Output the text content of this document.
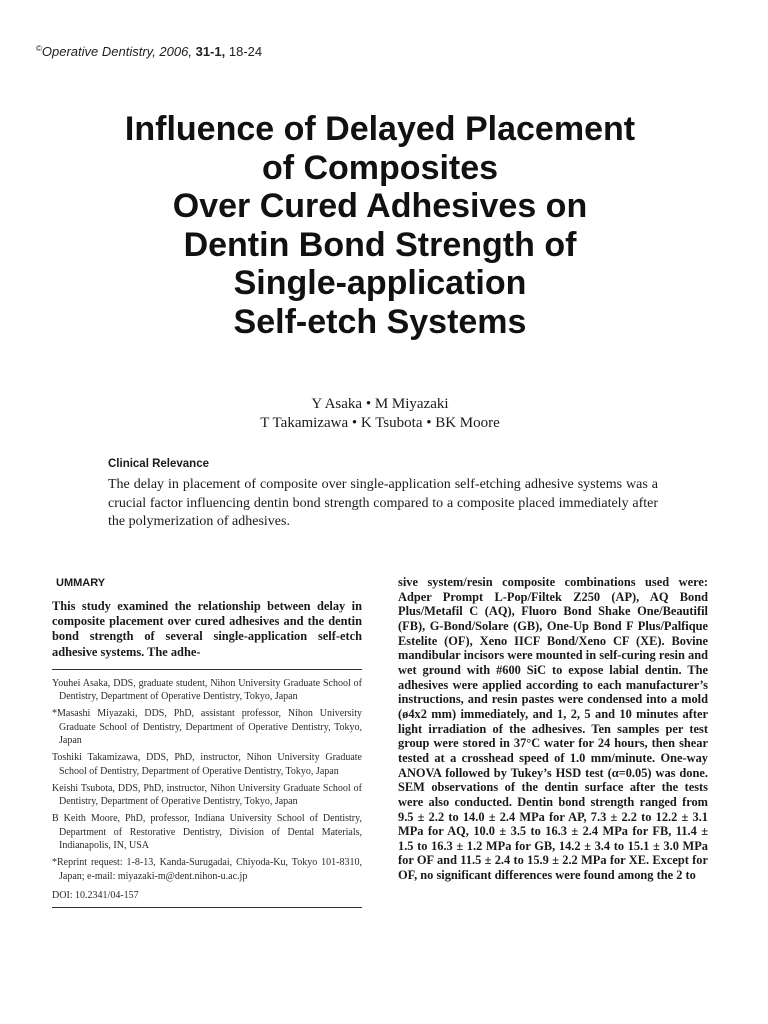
©Operative Dentistry, 2006, 31-1, 18-24
Influence of Delayed Placement
of Composites
Over Cured Adhesives on
Dentin Bond Strength of
Single-application
Self-etch Systems
Y Asaka • M Miyazaki
T Takamizawa • K Tsubota • BK Moore
Clinical Relevance
The delay in placement of composite over single-application self-etching adhesive systems was a crucial factor influencing dentin bond strength compared to a composite placed immediately after the polymerization of adhesives.
UMMARY

This study examined the relationship between delay in composite placement over cured adhesives and the dentin bond strength of several single-application self-etch adhesive systems. The adhe-

Youhei Asaka, DDS, graduate student, Nihon University Graduate School of Dentistry, Department of Operative Dentistry, Tokyo, Japan

*Masashi Miyazaki, DDS, PhD, assistant professor, Nihon University Graduate School of Dentistry, Department of Operative Dentistry, Tokyo, Japan

Toshiki Takamizawa, DDS, PhD, instructor, Nihon University Graduate School of Dentistry, Department of Operative Dentistry, Tokyo, Japan

Keishi Tsubota, DDS, PhD, instructor, Nihon University Graduate School of Dentistry, Department of Operative Dentistry, Tokyo, Japan

B Keith Moore, PhD, professor, Indiana University School of Dentistry, Department of Restorative Dentistry, Division of Dental Materials, Indianapolis, IN, USA

*Reprint request: 1-8-13, Kanda-Surugadai, Chiyoda-Ku, Tokyo 101-8310, Japan; e-mail: miyazaki-m@dent.nihon-u.ac.jp

DOI: 10.2341/04-157

sive system/resin composite combinations used were: Adper Prompt L-Pop/Filtek Z250 (AP), AQ Bond Plus/Metafil C (AQ), Fluoro Bond Shake One/Beautifil (FB), G-Bond/Solare (GB), One-Up Bond F Plus/Palfique Estelite (OF), Xeno IICF Bond/Xeno CF (XE). Bovine mandibular incisors were mounted in self-curing resin and wet ground with #600 SiC to expose labial dentin. The adhesives were applied according to each manufacturer’s instructions, and resin pastes were condensed into a mold (ø4x2 mm) immediately, and 1, 2, 5 and 10 minutes after light irradiation of the adhesives. Ten samples per test group were stored in 37°C water for 24 hours, then shear tested at a crosshead speed of 1.0 mm/minute. One-way ANOVA followed by Tukey’s HSD test (α=0.05) was done. SEM observations of the dentin surface after the tests were also conducted. Dentin bond strength ranged from 9.5 ± 2.2 to 14.0 ± 2.4 MPa for AP, 7.3 ± 2.2 to 12.2 ± 3.1 MPa for AQ, 10.0 ± 3.5 to 16.3 ± 2.4 MPa for FB, 11.4 ± 1.5 to 16.3 ± 1.2 MPa for GB, 14.2 ± 3.4 to 15.1 ± 3.0 MPa for OF and 11.5 ± 2.4 to 15.9 ± 2.2 MPa for XE. Except for OF, no significant differences were found among the 2 to
